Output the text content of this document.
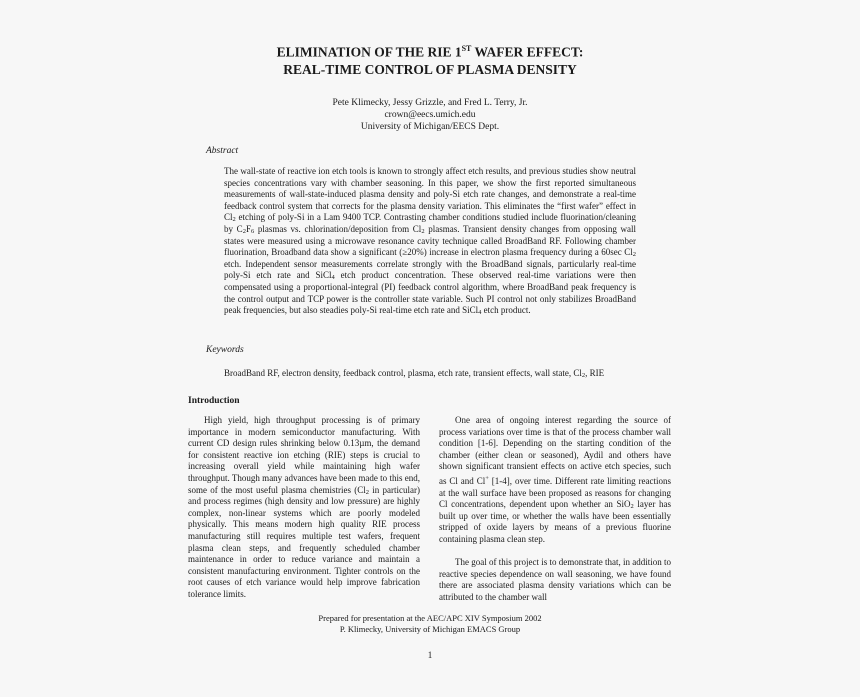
ELIMINATION OF THE RIE 1ST WAFER EFFECT:
REAL-TIME CONTROL OF PLASMA DENSITY
Pete Klimecky, Jessy Grizzle, and Fred L. Terry, Jr.
crown@eecs.umich.edu
University of Michigan/EECS Dept.
Abstract
The wall-state of reactive ion etch tools is known to strongly affect etch results, and previous studies show neutral species concentrations vary with chamber seasoning. In this paper, we show the first reported simultaneous measurements of wall-state-induced plasma density and poly-Si etch rate changes, and demonstrate a real-time feedback control system that corrects for the plasma density variation. This eliminates the “first wafer” effect in $Cl_2$ etching of poly-Si in a Lam 9400 TCP. Contrasting chamber conditions studied include fluorination/cleaning by $C_2F_6$ plasmas vs. chlorination/deposition from $Cl_2$ plasmas. Transient density changes from opposing wall states were measured using a microwave resonance cavity technique called BroadBand RF. Following chamber fluorination, Broadband data show a significant (≥20%) increase in electron plasma frequency during a 60sec $Cl_2$ etch. Independent sensor measurements correlate strongly with the BroadBand signals, particularly real-time poly-Si etch rate and SiCl$_4$ etch product concentration. These observed real-time variations were then compensated using a proportional-integral (PI) feedback control algorithm, where BroadBand peak frequency is the control output and TCP power is the controller state variable. Such PI control not only stabilizes BroadBand peak frequencies, but also steadies poly-Si real-time etch rate and SiCl$_4$ etch product.
Keywords
BroadBand RF, electron density, feedback control, plasma, etch rate, transient effects, wall state, $Cl_2$, RIE
Introduction

High yield, high throughput processing is of primary importance in modern semiconductor manufacturing. With current CD design rules shrinking below 0.13µm, the demand for consistent reactive ion etching (RIE) steps is crucial to increasing overall yield while maintaining high wafer throughput. Though many advances have been made to this end, some of the most useful plasma chemistries ($Cl_2$ in particular) and process regimes (high density and low pressure) are highly complex, non-linear systems which are poorly modeled physically. This means modern high quality RIE process manufacturing still requires multiple test wafers, frequent plasma clean steps, and frequently scheduled chamber maintenance in order to reduce variance and maintain a consistent manufacturing environment. Tighter controls on the root causes of etch variance would help improve fabrication tolerance limits.

One area of ongoing interest regarding the source of process variations over time is that of the process chamber wall condition [1-6]. Depending on the starting condition of the chamber (either clean or seasoned), Aydil and others have shown significant transient effects on active etch species, such as Cl and Cl+ [1-4], over time. Different rate limiting reactions at the wall surface have been proposed as reasons for changing Cl concentrations, dependent upon whether an SiO$_2$ layer has built up over time, or whether the walls have been essentially stripped of oxide layers by means of a previous fluorine containing plasma clean step.

The goal of this project is to demonstrate that, in addition to reactive species dependence on wall seasoning, we have found there are associated plasma density variations which can be attributed to the chamber wall

Prepared for presentation at the AEC/APC XIV Symposium 2002
P. Klimecky, University of Michigan EMACS Group
1
